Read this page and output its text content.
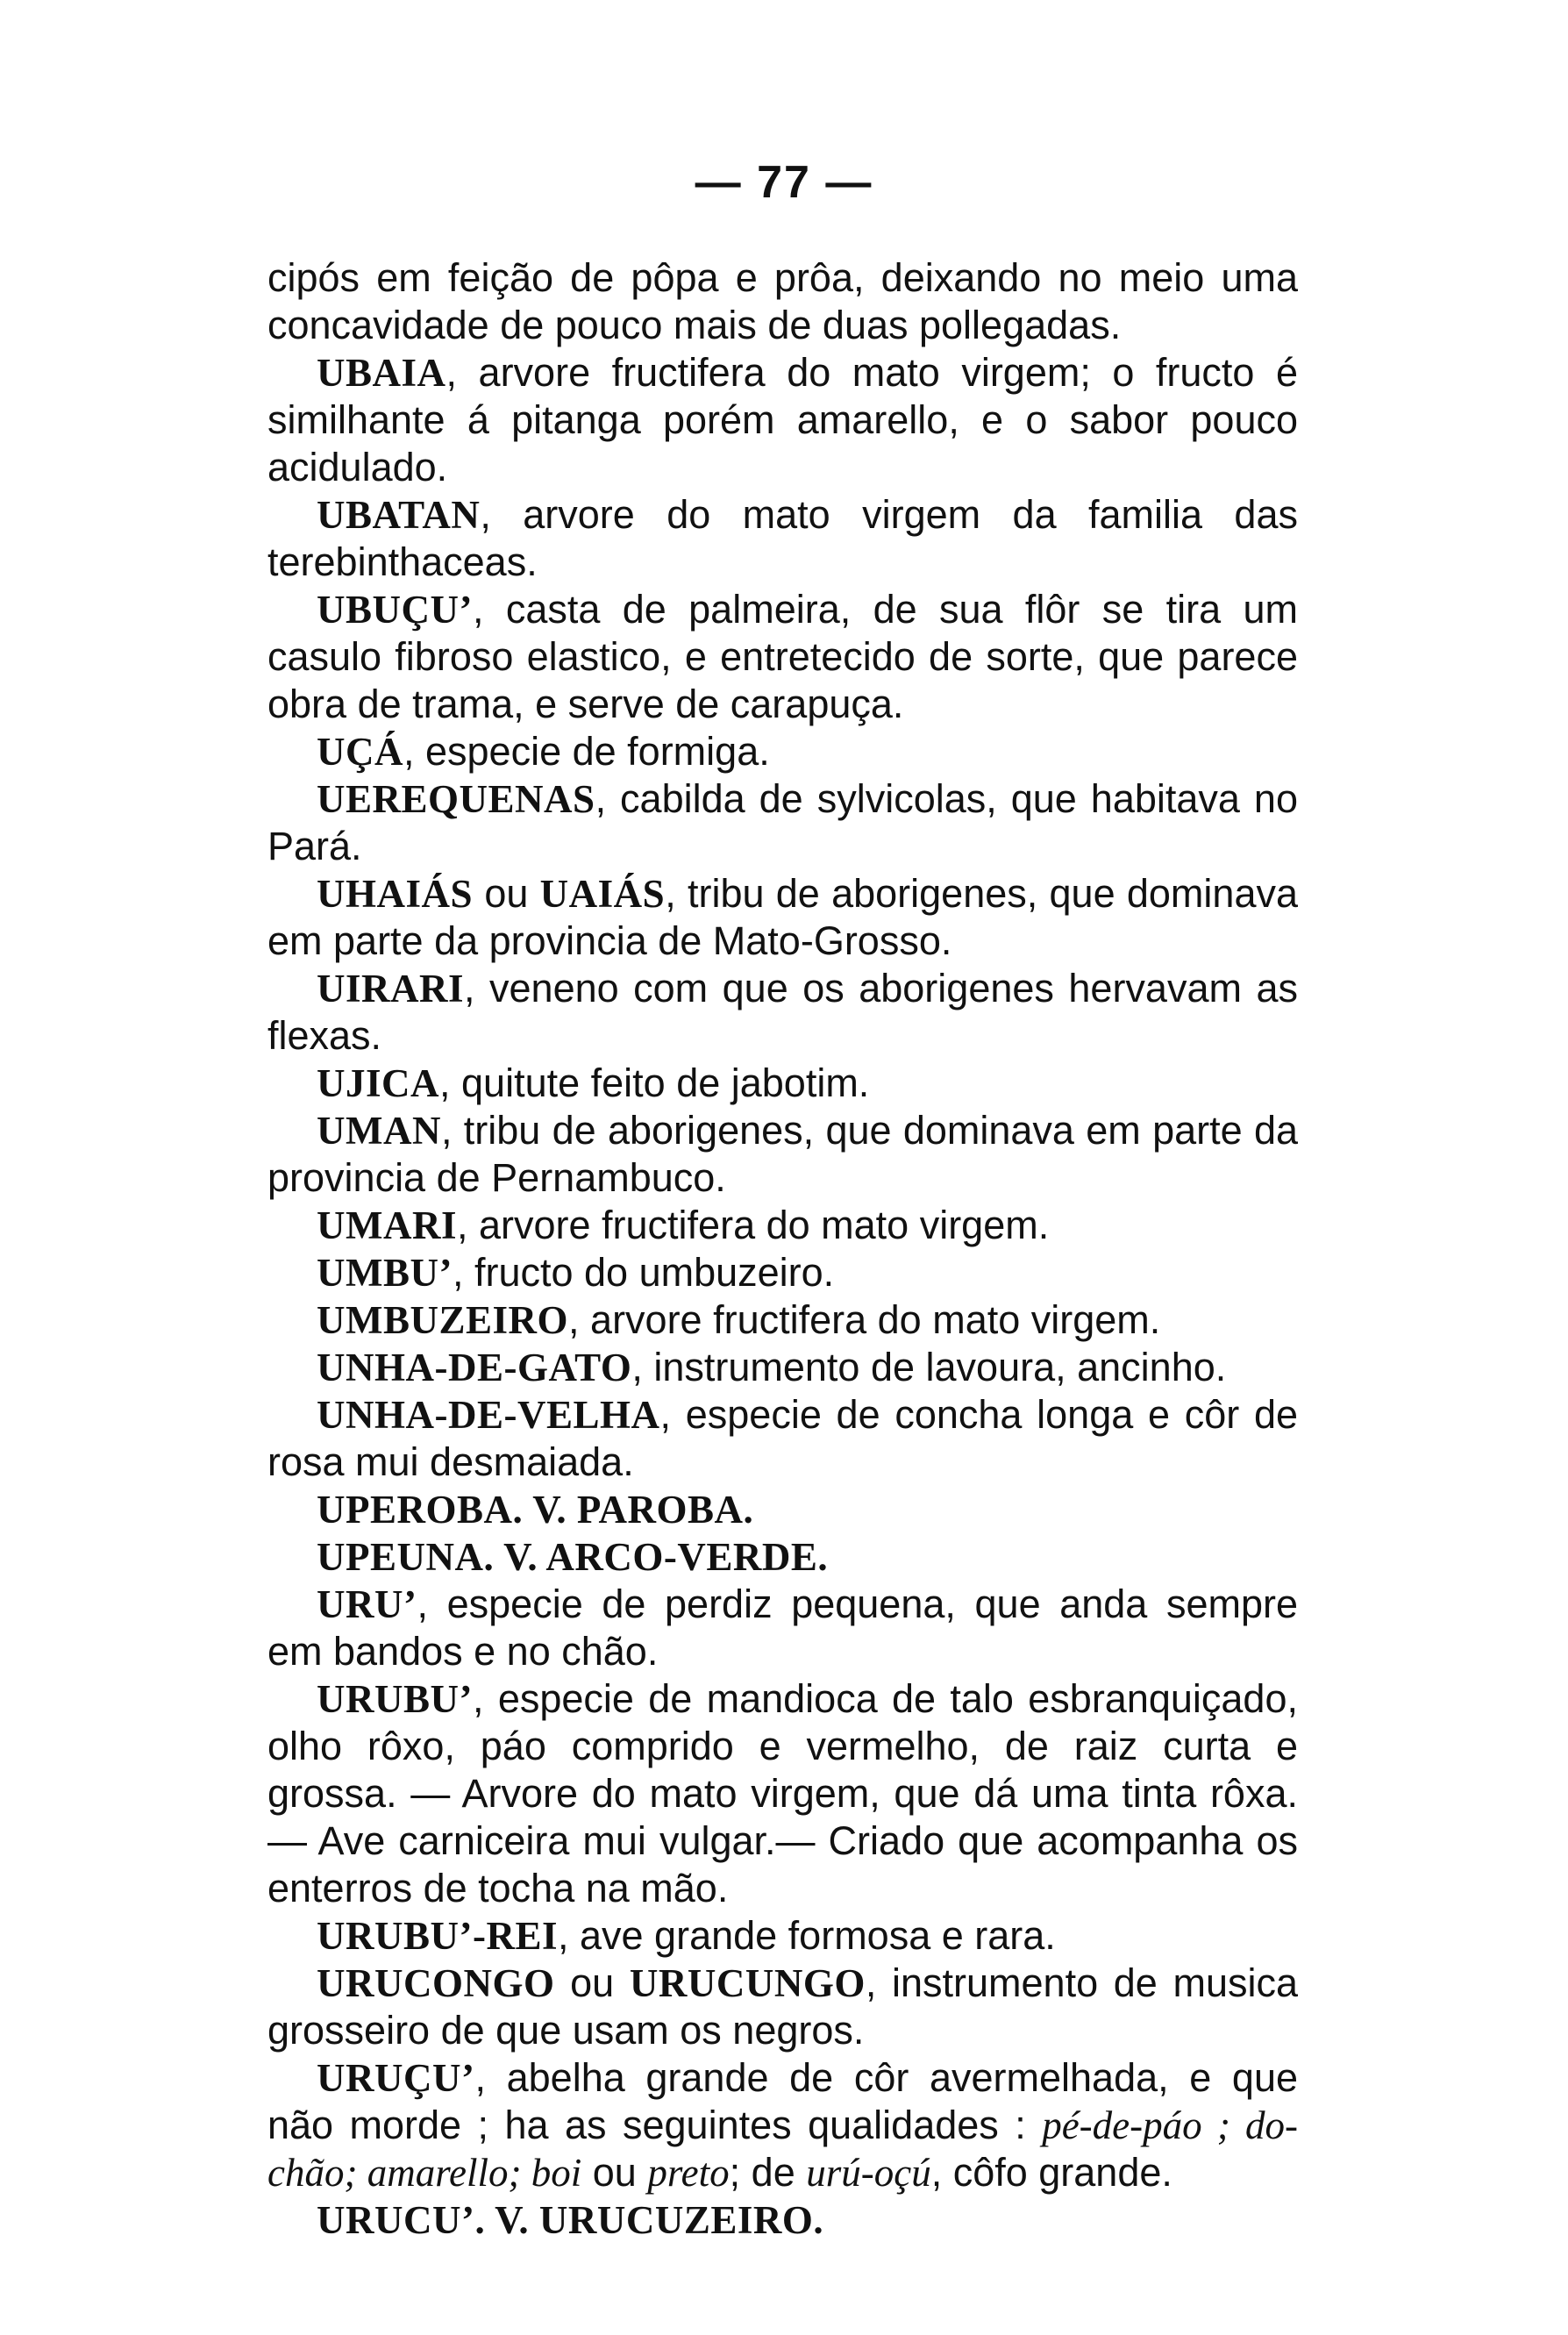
— 77 —

cipós em feição de pôpa e prôa, deixando no meio uma concavidade de pouco mais de duas pollegadas.

UBAIA, arvore fructifera do mato virgem; o fructo é similhante á pitanga porém amarello, e o sabor pouco acidulado.

UBATAN, arvore do mato virgem da familia das terebinthaceas.

UBUÇU’, casta de palmeira, de sua flôr se tira um casulo fibroso elastico, e entretecido de sorte, que parece obra de trama, e serve de carapuça.

UÇÁ, especie de formiga.

UEREQUENAS, cabilda de sylvicolas, que habitava no Pará.

UHAIÁS ou UAIÁS, tribu de aborigenes, que dominava em parte da provincia de Mato-Grosso.

UIRARI, veneno com que os aborigenes hervavam as flexas.

UJICA, quitute feito de jabotim.

UMAN, tribu de aborigenes, que dominava em parte da provincia de Pernambuco.

UMARI, arvore fructifera do mato virgem.

UMBU’, fructo do umbuzeiro.

UMBUZEIRO, arvore fructifera do mato virgem.

UNHA-DE-GATO, instrumento de lavoura, ancinho.

UNHA-DE-VELHA, especie de concha longa e côr de rosa mui desmaiada.

UPEROBA. V. PAROBA.

UPEUNA. V. ARCO-VERDE.

URU’, especie de perdiz pequena, que anda sempre em bandos e no chão.

URUBU’, especie de mandioca de talo esbranquiçado, olho rôxo, páo comprido e vermelho, de raiz curta e grossa. — Arvore do mato virgem, que dá uma tinta rôxa.— Ave carniceira mui vulgar.— Criado que acompanha os enterros de tocha na mão.

URUBU’-REI, ave grande formosa e rara.

URUCONGO ou URUCUNGO, instrumento de musica grosseiro de que usam os negros.

URUÇU’, abelha grande de côr avermelhada, e que não morde ; ha as seguintes qualidades : pé-de-páo ; do-chão; amarello; boi ou preto; de urú-oçú, côfo grande.

URUCU’. V. URUCUZEIRO.
